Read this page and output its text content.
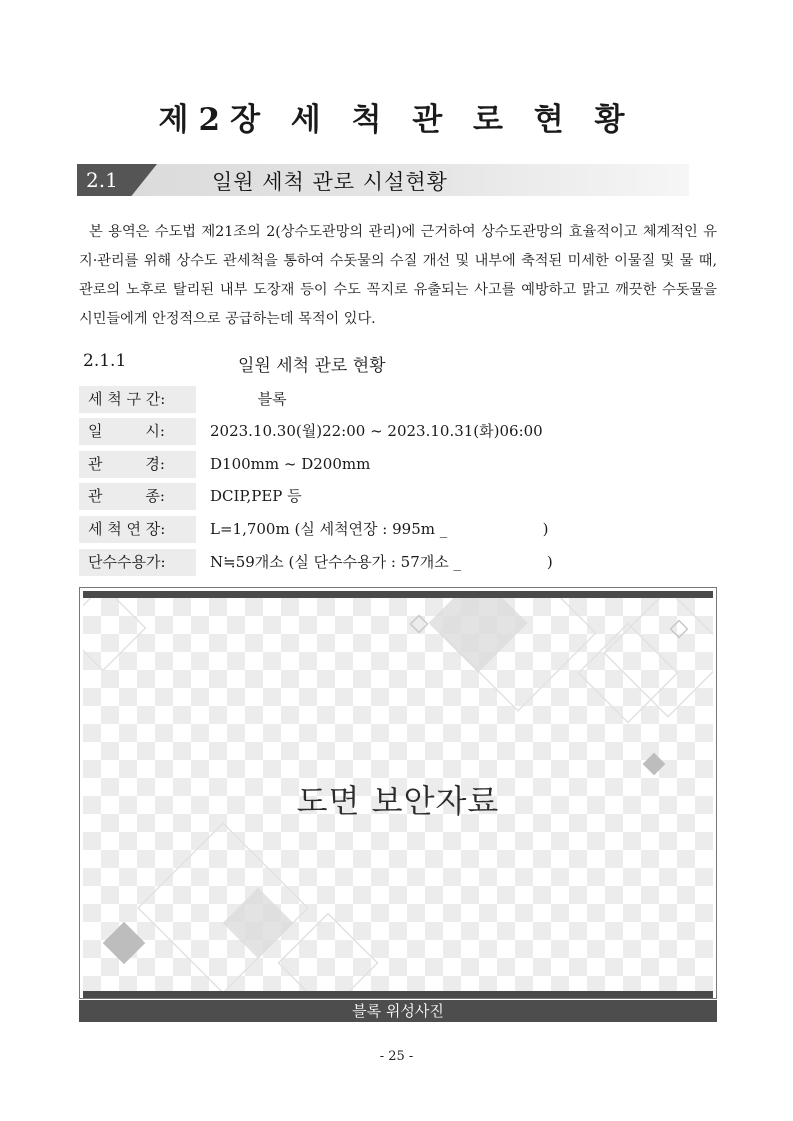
제2장 세 척 관 로 현 황
2.1	일원 세척 관로 시설현황

본 용역은 수도법 제21조의 2(상수도관망의 관리)에 근거하여 상수도관망의 효율적이고 체계적인 유지·관리를 위해 상수도 관세척을 통하여 수돗물의 수질 개선 및 내부에 축적된 미세한 이물질 및 물 때, 관로의 노후로 탈리된 내부 도장재 등이 수도 꼭지로 유출되는 사고를 예방하고 맑고 깨끗한 수돗물을 시민들에게 안정적으로 공급하는데 목적이 있다.

2.1.1	일원 세척 관로 현황
세 척 구 간:	블록
일         시:	2023.10.30(월)22:00 ~ 2023.10.31(화)06:00
관         경:	D100mm ~ D200mm
관         종:	DCIP,PEP 등
세 척 연 장:	L=1,700m (실 세척연장 : 995m _                    )
단수수용가:	N≒59개소 (실 단수수용가 : 57개소 _                  )
도면 보안자료
블록 위성사진
- 25 -
